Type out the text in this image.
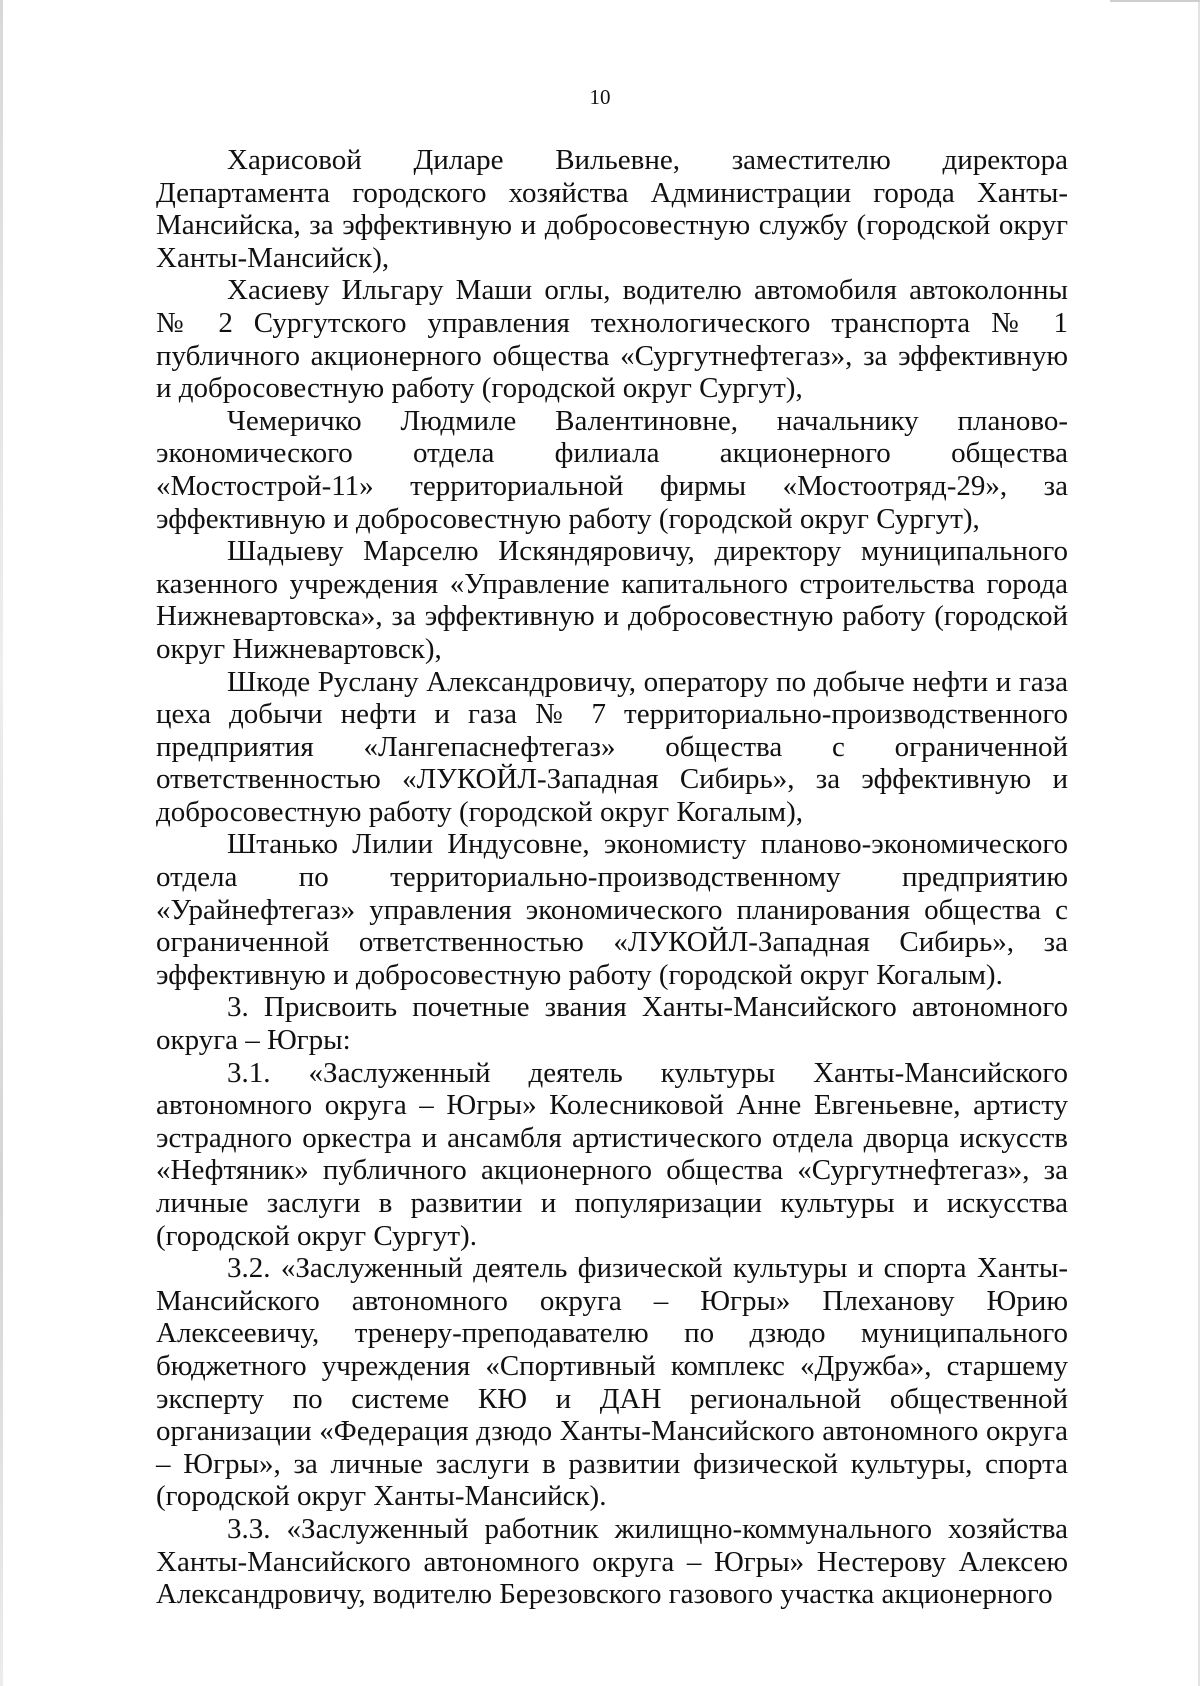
10

Харисовой Диларе Вильевне, заместителю директора Департамента городского хозяйства Администрации города Ханты-Мансийска, за эффективную и добросовестную службу (городской округ Ханты-Мансийск),

Хасиеву Ильгару Маши оглы, водителю автомобиля автоколонны № 2 Сургутского управления технологического транспорта № 1 публичного акционерного общества «Сургутнефтегаз», за эффективную и добросовестную работу (городской округ Сургут),

Чемеричко Людмиле Валентиновне, начальнику планово-экономического отдела филиала акционерного общества «Мостострой-11» территориальной фирмы «Мостоотряд-29», за эффективную и добросовестную работу (городской округ Сургут),

Шадыеву Марселю Искяндяровичу, директору муниципального казенного учреждения «Управление капитального строительства города Нижневартовска», за эффективную и добросовестную работу (городской округ Нижневартовск),

Шкоде Руслану Александровичу, оператору по добыче нефти и газа цеха добычи нефти и газа № 7 территориально-производственного предприятия «Лангепаснефтегаз» общества с ограниченной ответственностью «ЛУКОЙЛ-Западная Сибирь», за эффективную и добросовестную работу (городской округ Когалым),

Штанько Лилии Индусовне, экономисту планово-экономического отдела по территориально-производственному предприятию «Урайнефтегаз» управления экономического планирования общества с ограниченной ответственностью «ЛУКОЙЛ-Западная Сибирь», за эффективную и добросовестную работу (городской округ Когалым).

3. Присвоить почетные звания Ханты-Мансийского автономного округа – Югры:

3.1. «Заслуженный деятель культуры Ханты-Мансийского автономного округа – Югры» Колесниковой Анне Евгеньевне, артисту эстрадного оркестра и ансамбля артистического отдела дворца искусств «Нефтяник» публичного акционерного общества «Сургутнефтегаз», за личные заслуги в развитии и популяризации культуры и искусства (городской округ Сургут).

3.2. «Заслуженный деятель физической культуры и спорта Ханты-Мансийского автономного округа – Югры» Плеханову Юрию Алексеевичу, тренеру-преподавателю по дзюдо муниципального бюджетного учреждения «Спортивный комплекс «Дружба», старшему эксперту по системе КЮ и ДАН региональной общественной организации «Федерация дзюдо Ханты-Мансийского автономного округа – Югры», за личные заслуги в развитии физической культуры, спорта (городской округ Ханты-Мансийск).

3.3. «Заслуженный работник жилищно-коммунального хозяйства Ханты-Мансийского автономного округа – Югры» Нестерову Алексею Александровичу, водителю Березовского газового участка акционерного
